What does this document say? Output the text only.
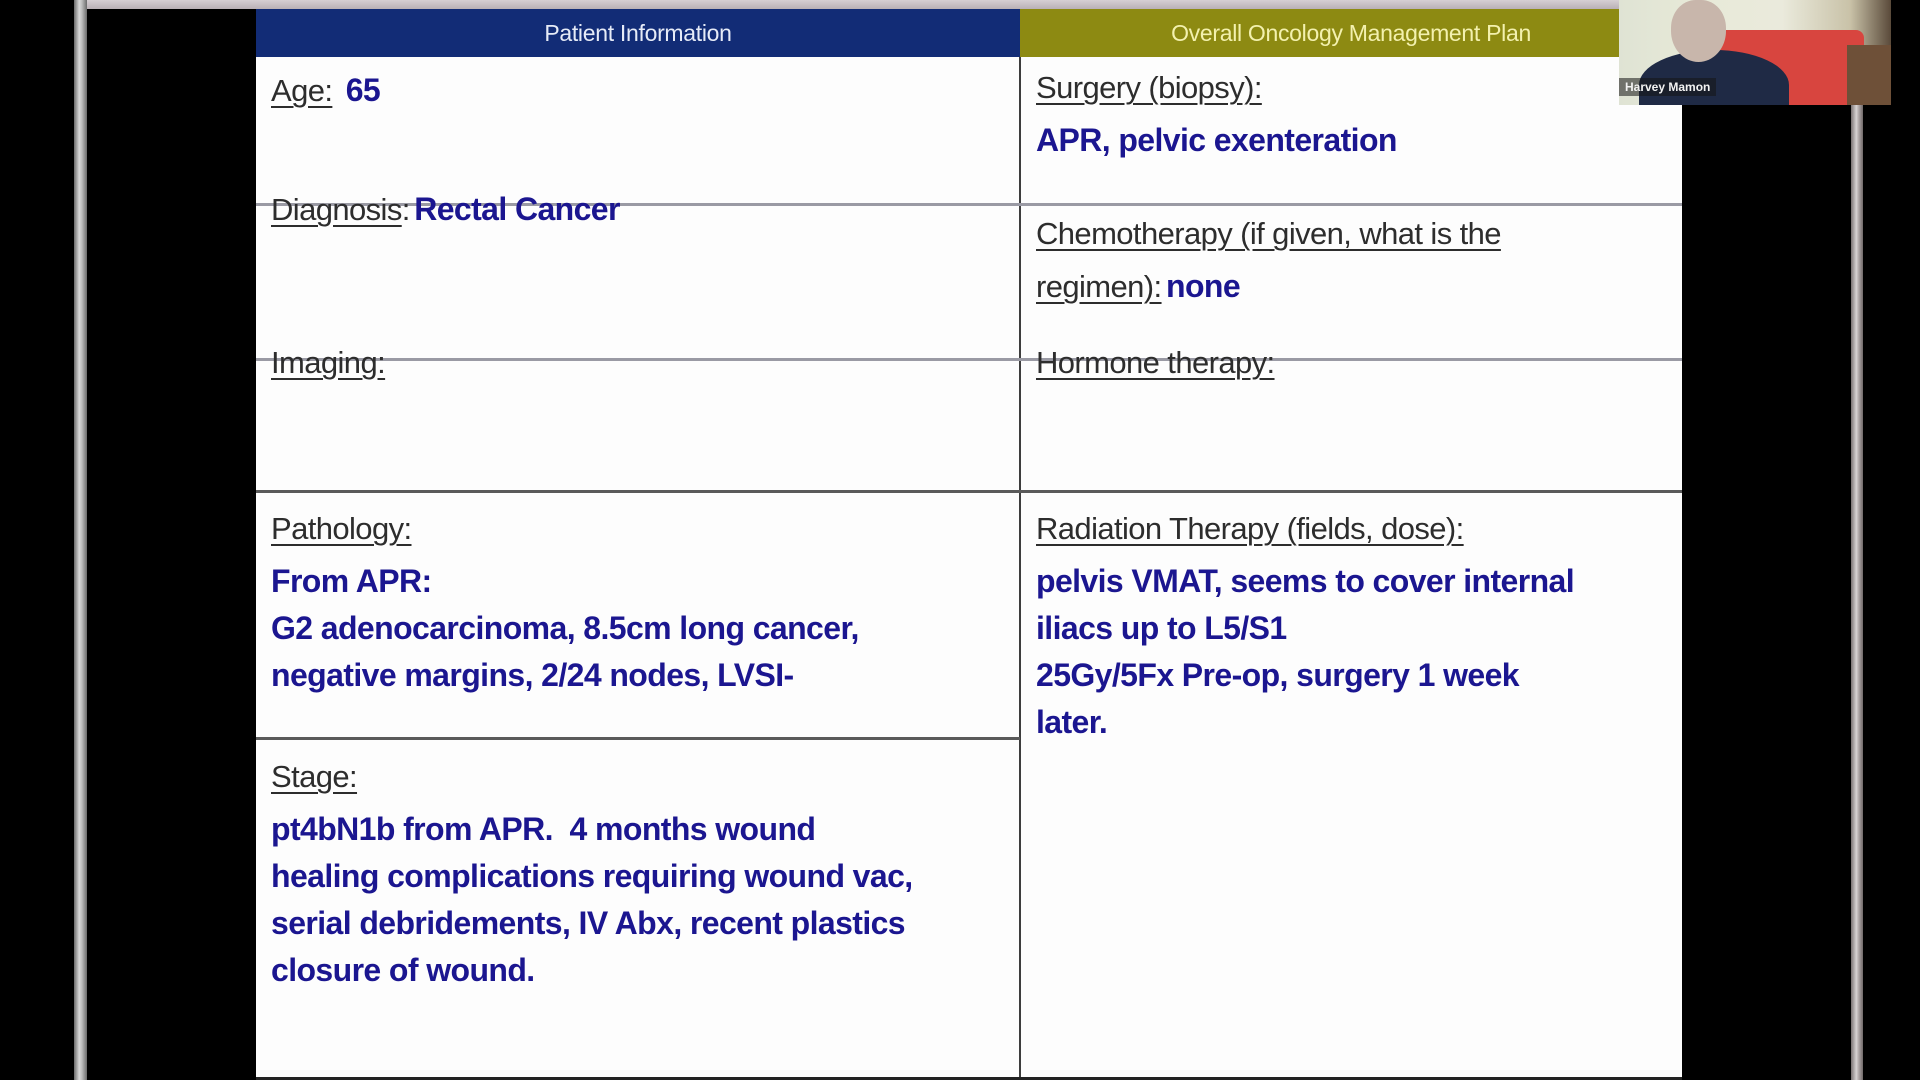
Patient Information	Overall Oncology Management Plan
Age: 65
Diagnosis: Rectal Cancer
Imaging:
Pathology:
From APR:
G2 adenocarcinoma, 8.5cm long cancer,
negative margins, 2/24 nodes, LVSI-
Stage:
pt4bN1b from APR.  4 months wound
healing complications requiring wound vac,
serial debridements, IV Abx, recent plastics
closure of wound.
Surgery (biopsy):
APR, pelvic exenteration
Chemotherapy (if given, what is the
regimen): none
Hormone therapy:
Radiation Therapy (fields, dose):
pelvis VMAT, seems to cover internal
iliacs up to L5/S1
25Gy/5Fx Pre-op, surgery 1 week
later.
Harvey Mamon
